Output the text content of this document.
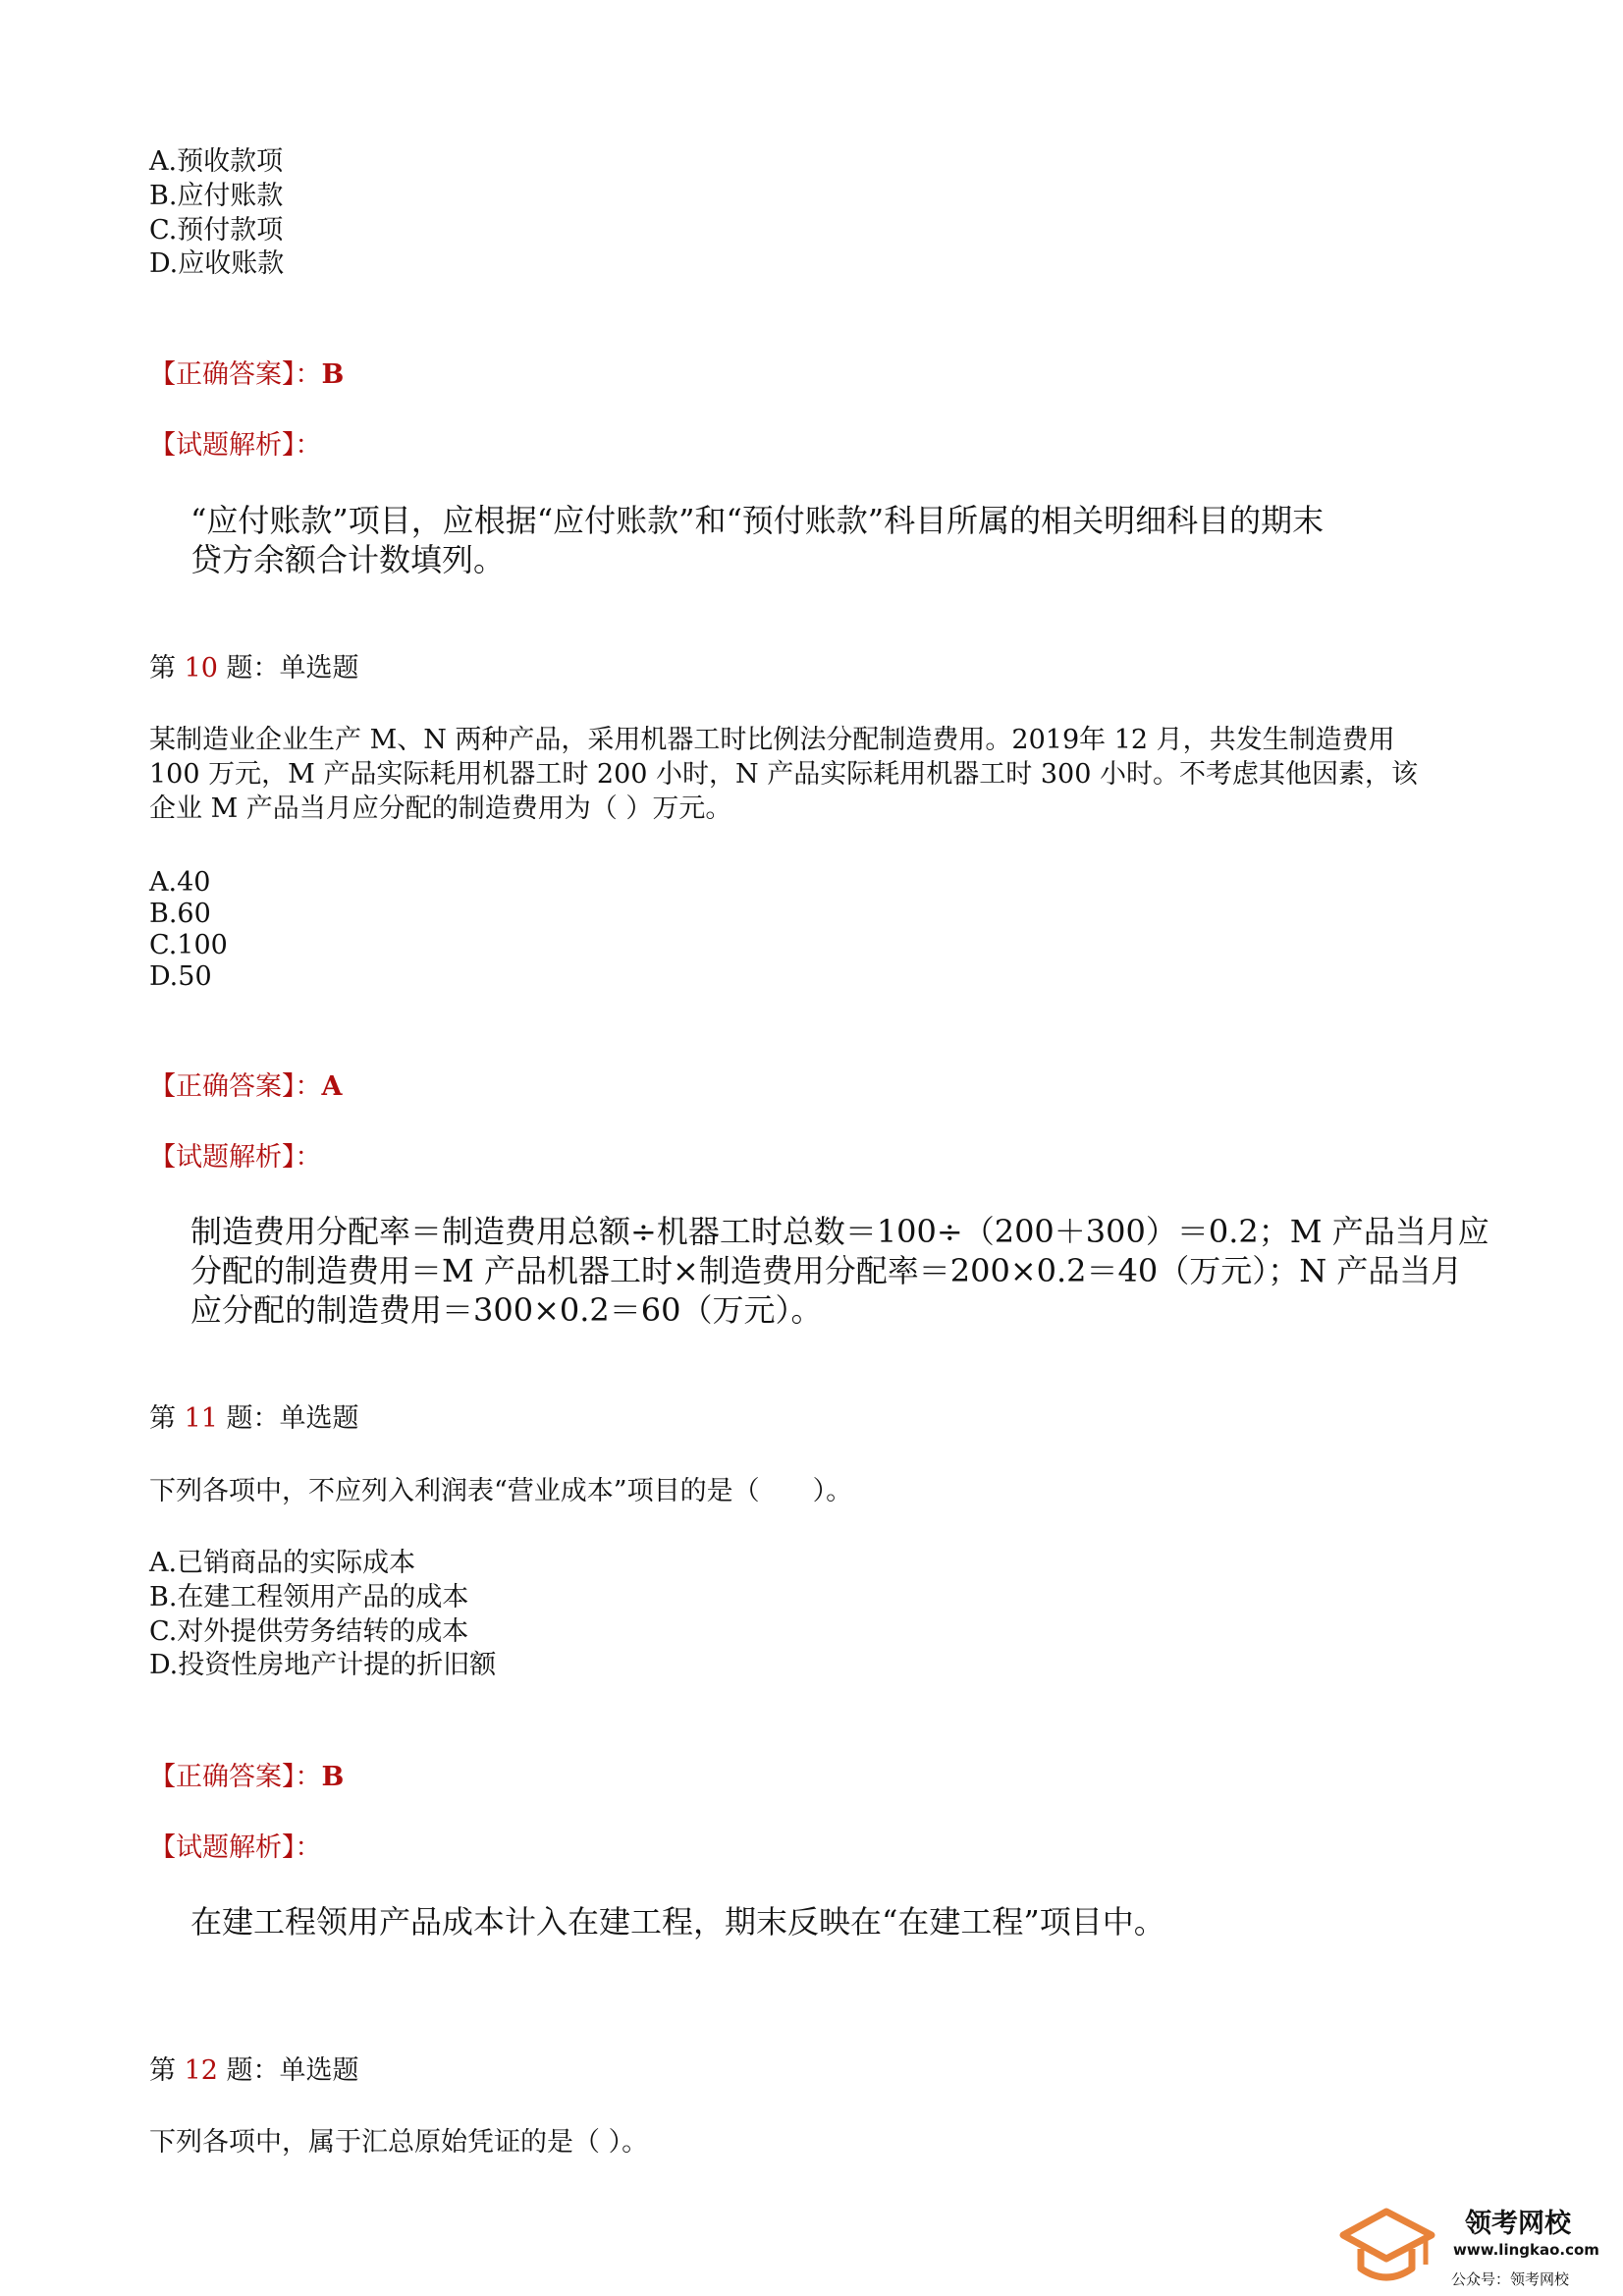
A.预收款项
B.应付账款
C.预付款项
D.应收账款
【正确答案】：B
【试题解析】：
“应付账款”项目，应根据“应付账款”和“预付账款”科目所属的相关明细科目的期末
贷方余额合计数填列。
第 10 题：单选题
某制造业企业生产 M、N 两种产品，采用机器工时比例法分配制造费用。2019年 12 月，共发生制造费用
100 万元，M 产品实际耗用机器工时 200 小时，N 产品实际耗用机器工时 300 小时。不考虑其他因素，该
企业 M 产品当月应分配的制造费用为（ ）万元。
A.40
B.60
C.100
D.50
【正确答案】：A
【试题解析】：
制造费用分配率＝制造费用总额÷机器工时总数＝100÷（200＋300）＝0.2；M 产品当月应
分配的制造费用＝M 产品机器工时×制造费用分配率＝200×0.2＝40（万元）；N 产品当月
应分配的制造费用＝300×0.2＝60（万元）。
第 11 题：单选题
下列各项中，不应列入利润表“营业成本”项目的是（　　）。
A.已销商品的实际成本
B.在建工程领用产品的成本
C.对外提供劳务结转的成本
D.投资性房地产计提的折旧额
【正确答案】：B
【试题解析】：
在建工程领用产品成本计入在建工程，期末反映在“在建工程”项目中。
第 12 题：单选题
下列各项中，属于汇总原始凭证的是（ ）。
领考网校
www.lingkao.com
公众号：领考网校
